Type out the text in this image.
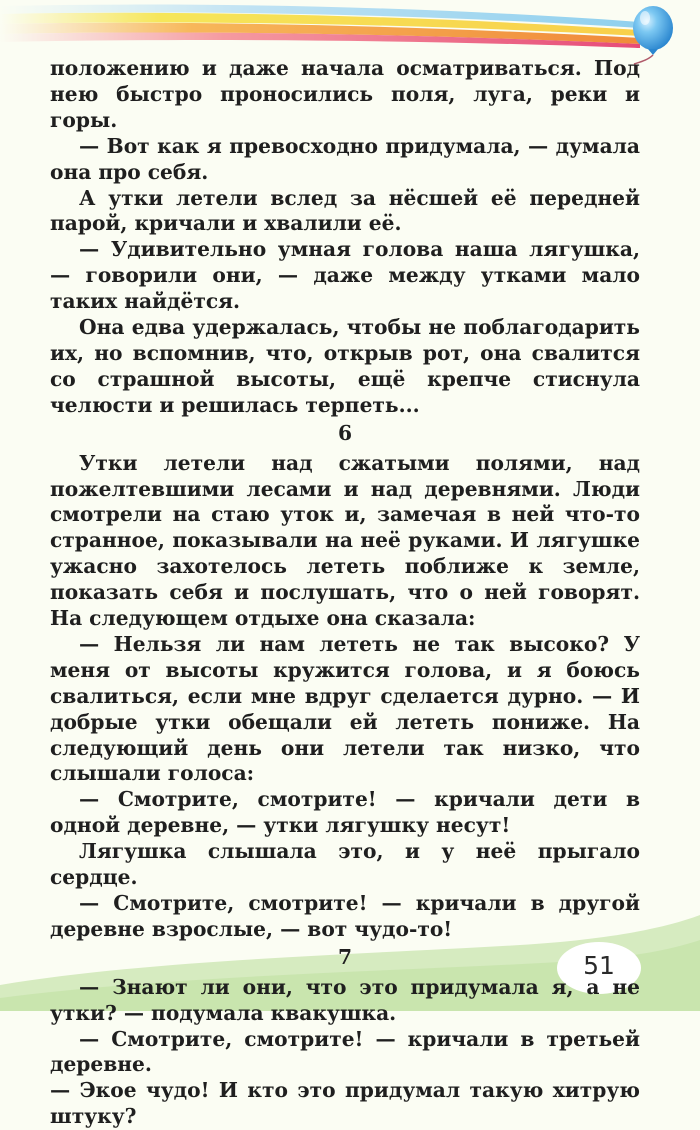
положению и даже начала осматриваться. Под нею быстро проносились поля, луга, реки и горы.

— Вот как я превосходно придумала, — думала она про себя.

А утки летели вслед за нёсшей её передней парой, кричали и хвалили её.

— Удивительно умная голова наша лягушка, — говорили они, — даже между утками мало таких найдётся.

Она едва удержалась, чтобы не поблагодарить их, но вспомнив, что, открыв рот, она свалится со страшной высоты, ещё крепче стиснула челюсти и решилась терпеть...

6

Утки летели над сжатыми полями, над пожелтевшими лесами и над деревнями. Люди смотрели на стаю уток и, замечая в ней что-то странное, показывали на неё руками. И лягушке ужасно захотелось лететь поближе к земле, показать себя и послушать, что о ней говорят. На следующем отдыхе она сказала:

— Нельзя ли нам лететь не так высоко? У меня от высоты кружится голова, и я боюсь свалиться, если мне вдруг сделается дурно. — И добрые утки обещали ей лететь пониже. На следующий день они летели так низко, что слышали голоса:

— Смотрите, смотрите! — кричали дети в одной деревне, — утки лягушку несут!

Лягушка слышала это, и у неё прыгало сердце.

— Смотрите, смотрите! — кричали в другой деревне взрослые, — вот чудо-то!

7

— Знают ли они, что это придумала я, а не утки? — подумала квакушка.

— Смотрите, смотрите! — кричали в третьей деревне.

— Экое чудо! И кто это придумал такую хитрую штуку?

51
